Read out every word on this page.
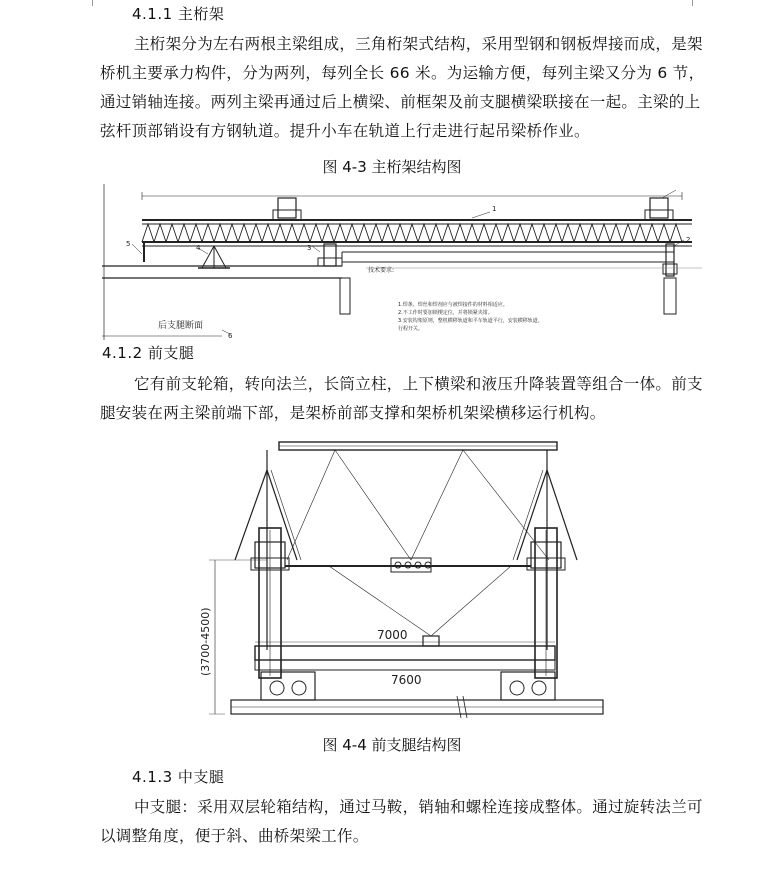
4.1.1 主桁架
主桁架分为左右两根主梁组成，三角桁架式结构，采用型钢和钢板焊接而成，是架
桥机主要承力构件，分为两列，每列全长 66 米。为运输方便，每列主梁又分为 6 节，
通过销轴连接。两列主梁再通过后上横梁、前框架及前支腿横梁联接在一起。主梁的上
弦杆顶部销设有方钢轨道。提升小车在轨道上行走进行起吊梁桥作业。
图 4-3 主桁架结构图
1
2
3
4
5
6
后支腿断面
技术要求:
1.焊条、焊丝和焊剂应与被焊接件的材料相适应。
2.不工作时要加锁楔定位，并将锁紧夹钳。
3.安装钩架原则，整机横移轨道和平车轨道平行，安装横移轨道。
行程开关。
4.1.2 前支腿
它有前支轮箱，转向法兰，长筒立柱，上下横梁和液压升降装置等组合一体。前支
腿安装在两主梁前端下部，是架桥前部支撑和架桥机架梁横移运行机构。
7000
7600
(3700-4500)
图 4-4 前支腿结构图
4.1.3 中支腿
中支腿：采用双层轮箱结构，通过马鞍，销轴和螺栓连接成整体。通过旋转法兰可
以调整角度，便于斜、曲桥架梁工作。
